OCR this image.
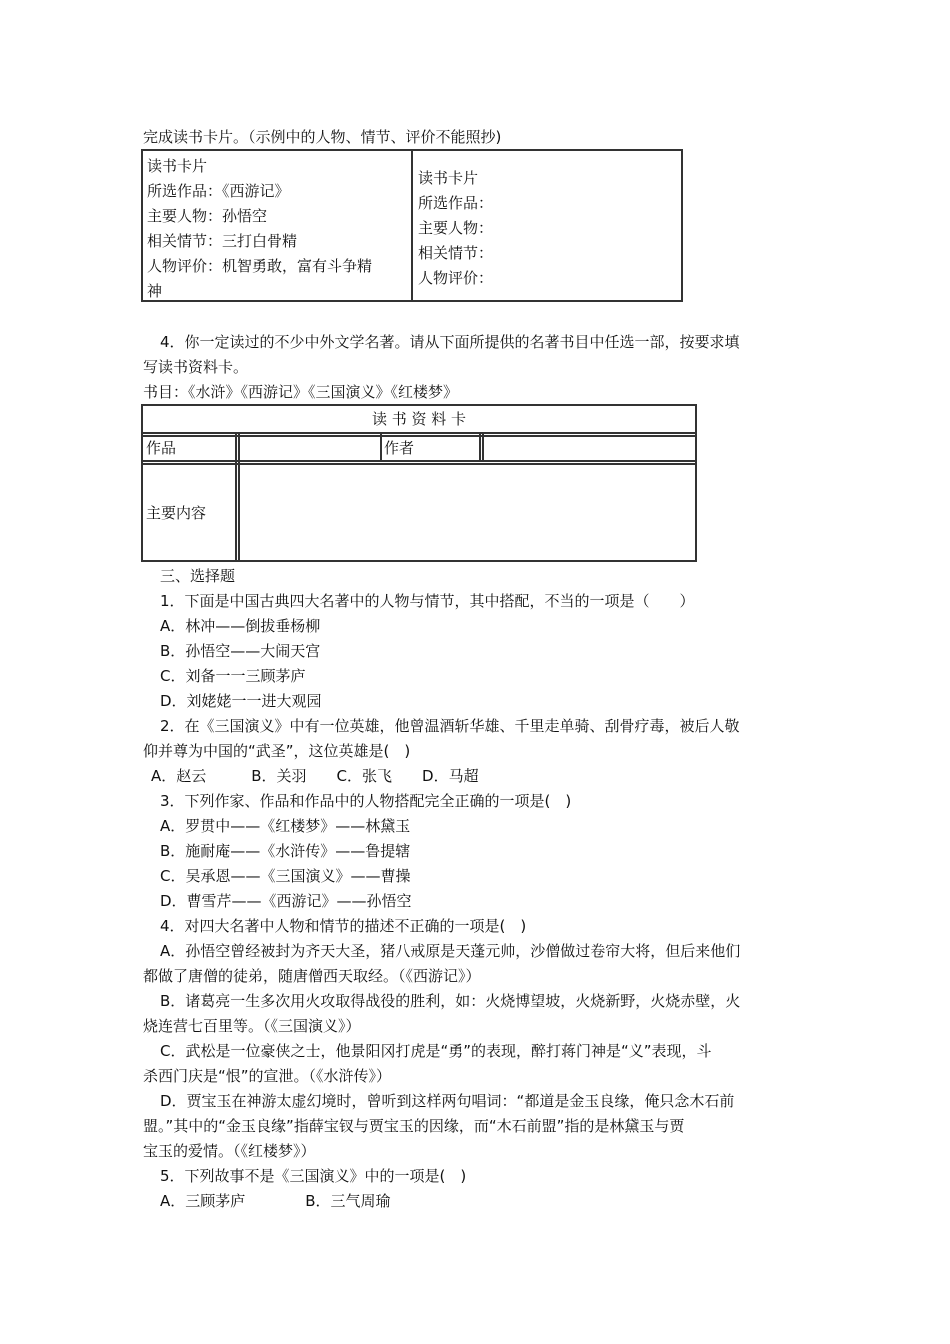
完成读书卡片。（示例中的人物、情节、评价不能照抄)
读书卡片
所选作品：《西游记》
主要人物：孙悟空
相关情节：三打白骨精
人物评价：机智勇敢，富有斗争精
神
读书卡片
所选作品：
主要人物：
相关情节：
人物评价：
4．你一定读过的不少中外文学名著。请从下面所提供的名著书目中任选一部，按要求填
写读书资料卡。
书目：《水浒》《西游记》《三国演义》《红楼梦》
读 书 资 料 卡
作品	作者
主要内容
三、选择题
1．下面是中国古典四大名著中的人物与情节，其中搭配，不当的一项是（　　）
A．林冲——倒拔垂杨柳
B．孙悟空——大闹天宫
C．刘备一一三顾茅庐
D．刘姥姥一一进大观园
2．在《三国演义》中有一位英雄，他曾温酒斩华雄、千里走单骑、刮骨疗毒，被后人敬
仰并尊为中国的“武圣”，这位英雄是(　)
A．赵云　　　B．关羽　　C．张飞　　D．马超
3．下列作家、作品和作品中的人物搭配完全正确的一项是(　)
A．罗贯中——《红楼梦》——林黛玉
B．施耐庵——《水浒传》——鲁提辖
C．吴承恩——《三国演义》——曹操
D．曹雪芹——《西游记》——孙悟空
4．对四大名著中人物和情节的描述不正确的一项是(　)
A．孙悟空曾经被封为齐天大圣，猪八戒原是天蓬元帅，沙僧做过卷帘大将，但后来他们
都做了唐僧的徒弟，随唐僧西天取经。（《西游记》）
B．诸葛亮一生多次用火攻取得战役的胜利，如：火烧博望坡，火烧新野，火烧赤壁，火
烧连营七百里等。（《三国演义》）
C．武松是一位豪侠之士，他景阳冈打虎是“勇”的表现，醉打蒋门神是“义”表现，斗
杀西门庆是“恨”的宣泄。（《水浒传》）
D．贾宝玉在神游太虚幻境时，曾听到这样两句唱词：“都道是金玉良缘，俺只念木石前
盟。”其中的“金玉良缘”指薛宝钗与贾宝玉的因缘，而“木石前盟”指的是林黛玉与贾
宝玉的爱情。（《红楼梦》）
5．下列故事不是《三国演义》中的一项是(　)
A．三顾茅庐　　　　B．三气周瑜
